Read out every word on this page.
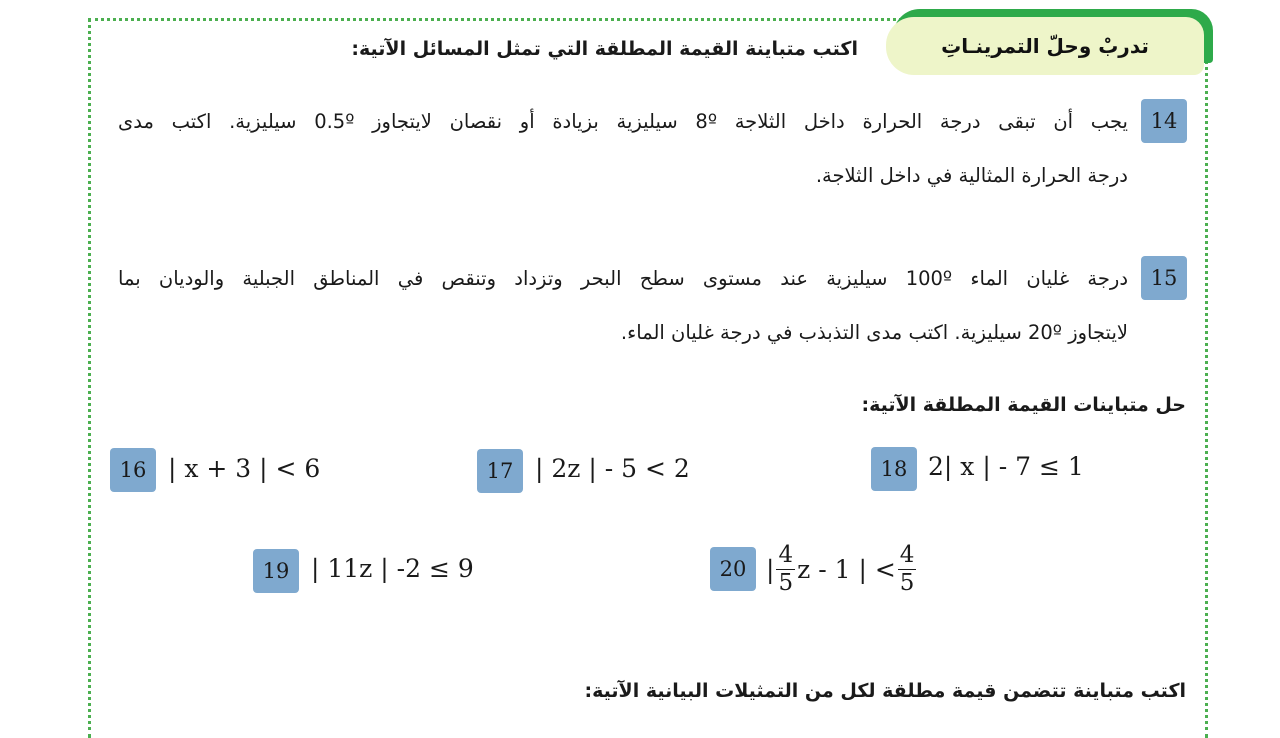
تدربْ وحلّ التمرينـاتِ
اكتب متباينة القيمة المطلقة التي تمثل المسائل الآتية:
14
يجب أن تبقى درجة الحرارة داخل الثلاجة 8º سيليزية بزيادة أو نقصان لايتجاوز 0.5º سيليزية. اكتب مدى
درجة الحرارة المثالية في داخل الثلاجة.
15
درجة غليان الماء 100º سيليزية عند مستوى سطح البحر وتزداد وتنقص في المناطق الجبلية والوديان بما
لايتجاوز 20º سيليزية. اكتب مدى التذبذب في درجة غليان الماء.
حل متباينات القيمة المطلقة الآتية:
16 | x + 3 | < 6	17 | 2z | - 5 < 2	18 2| x | - 7 ≤ 1
19 | 11z | -2 ≤ 9	20 | $\frac{4}{5}$ z - 1 | < $\frac{4}{5}$
اكتب متباينة تتضمن قيمة مطلقة لكل من التمثيلات البيانية الآتية:
